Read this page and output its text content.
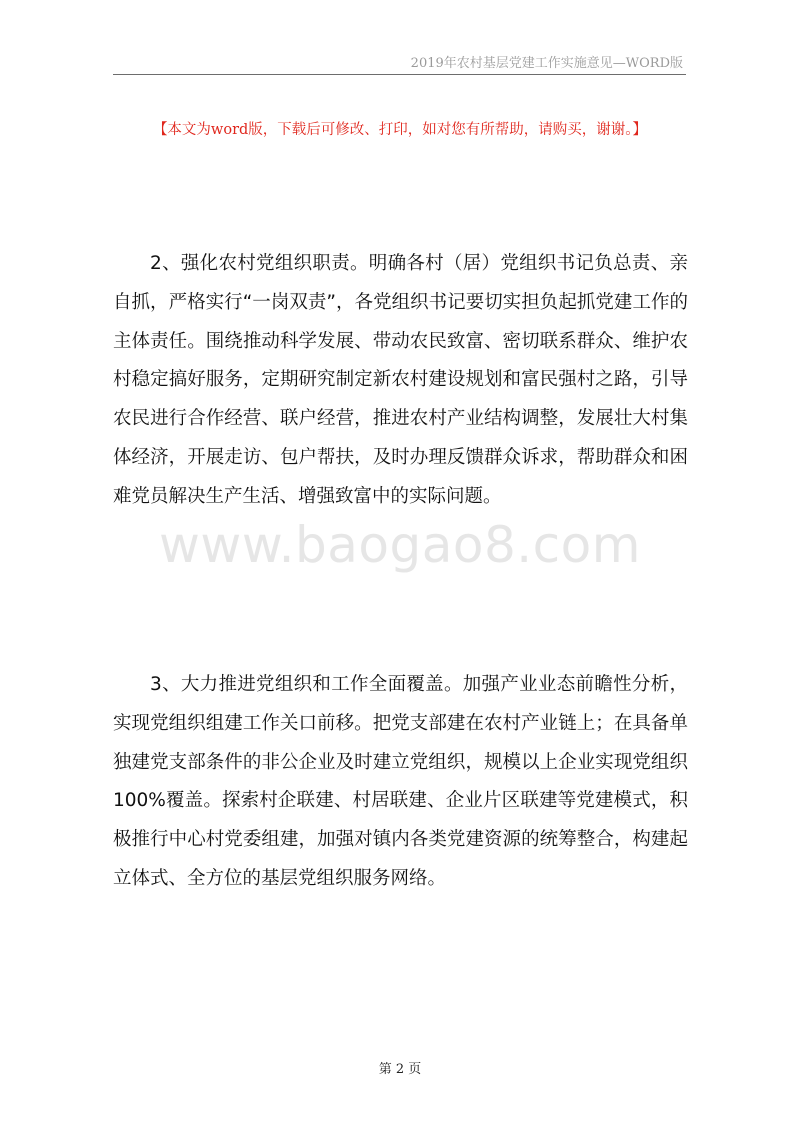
2019年农村基层党建工作实施意见—WORD版
【本文为word版，下载后可修改、打印，如对您有所帮助，请购买，谢谢。】

2、强化农村党组织职责。明确各村（居）党组织书记负总责、亲自抓，严格实行“一岗双责”，各党组织书记要切实担负起抓党建工作的主体责任。围绕推动科学发展、带动农民致富、密切联系群众、维护农村稳定搞好服务，定期研究制定新农村建设规划和富民强村之路，引导农民进行合作经营、联户经营，推进农村产业结构调整，发展壮大村集体经济，开展走访、包户帮扶，及时办理反馈群众诉求，帮助群众和困难党员解决生产生活、增强致富中的实际问题。

www.baogao8.com

3、大力推进党组织和工作全面覆盖。加强产业业态前瞻性分析，实现党组织组建工作关口前移。把党支部建在农村产业链上；在具备单独建党支部条件的非公企业及时建立党组织，规模以上企业实现党组织 100%覆盖。探索村企联建、村居联建、企业片区联建等党建模式，积极推行中心村党委组建，加强对镇内各类党建资源的统筹整合，构建起立体式、全方位的基层党组织服务网络。

第 2 页
